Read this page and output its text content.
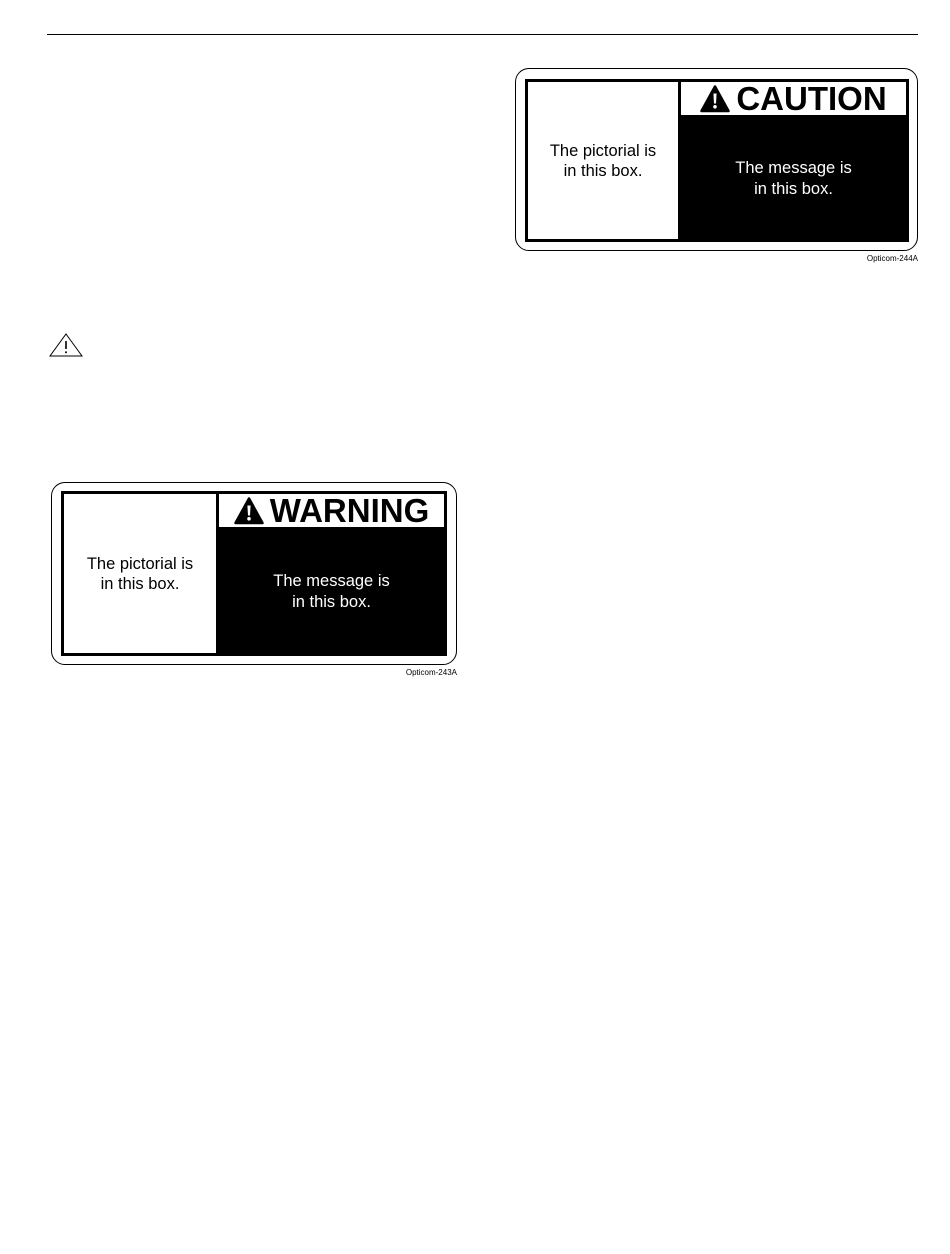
The pictorial is
in this box.
CAUTION
The message is
in this box.
Opticom-244A
The pictorial is
in this box.
WARNING
The message is
in this box.
Opticom-243A
